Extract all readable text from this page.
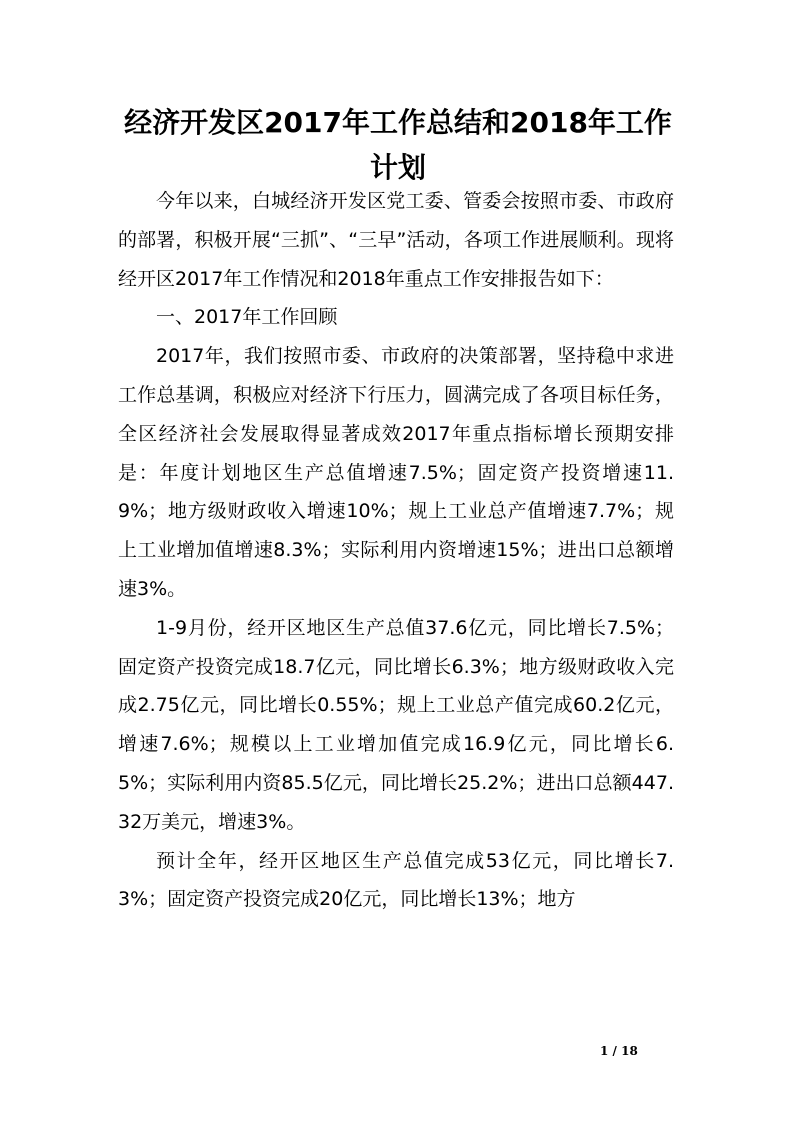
经济开发区2017年工作总结和2018年工作计划

今年以来，白城经济开发区党工委、管委会按照市委、市政府的部署，积极开展“三抓”、“三早”活动，各项工作进展顺利。现将经开区2017年工作情况和2018年重点工作安排报告如下：

一、2017年工作回顾

2017年，我们按照市委、市政府的决策部署，坚持稳中求进工作总基调，积极应对经济下行压力，圆满完成了各项目标任务，全区经济社会发展取得显著成效2017年重点指标增长预期安排是：年度计划地区生产总值增速7.5%；固定资产投资增速11.9%；地方级财政收入增速10%；规上工业总产值增速7.7%；规上工业增加值增速8.3%；实际利用内资增速15%；进出口总额增速3%。

1-9月份，经开区地区生产总值37.6亿元，同比增长7.5%；固定资产投资完成18.7亿元，同比增长6.3%；地方级财政收入完成2.75亿元，同比增长0.55%；规上工业总产值完成60.2亿元，增速7.6%；规模以上工业增加值完成16.9亿元，同比增长6.5%；实际利用内资85.5亿元，同比增长25.2%；进出口总额447.32万美元，增速3%。

预计全年，经开区地区生产总值完成53亿元，同比增长7.3%；固定资产投资完成20亿元，同比增长13%；地方

1 / 18
